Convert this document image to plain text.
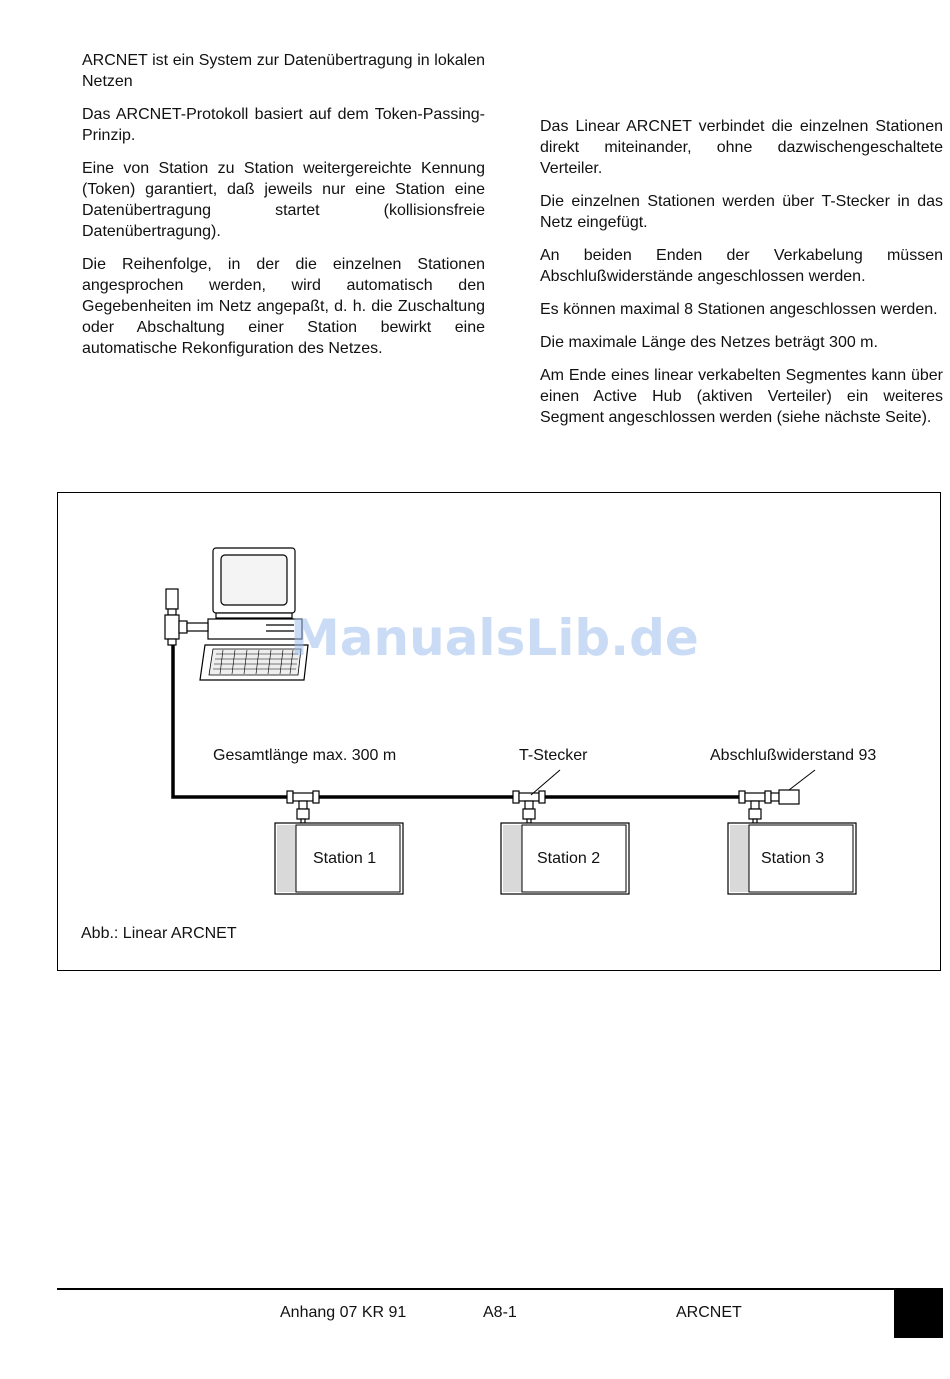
ARCNET ist ein System zur Datenübertragung in lokalen Netzen

Das ARCNET-Protokoll basiert auf dem Token-Passing-Prinzip.

Eine von Station zu Station weitergereichte Kennung (Token) garantiert, daß jeweils nur eine Station eine Datenübertragung startet (kollisionsfreie Datenübertragung).

Die Reihenfolge, in der die einzelnen Stationen angesprochen werden, wird automatisch den Gegebenheiten im Netz angepaßt, d. h. die Zuschaltung oder Abschaltung einer Station bewirkt eine automatische Rekonfiguration des Netzes.

Das Linear ARCNET verbindet die einzelnen Stationen direkt miteinander, ohne dazwischengeschaltete Verteiler.

Die einzelnen Stationen werden über T-Stecker in das Netz eingefügt.

An beiden Enden der Verkabelung müssen Abschlußwiderstände angeschlossen werden.

Es können maximal 8 Stationen angeschlossen werden.

Die maximale Länge des Netzes beträgt 300 m.

Am Ende eines linear verkabelten Segmentes kann über einen Active Hub (aktiven Verteiler) ein weiteres Segment angeschlossen werden (siehe nächste Seite).

Station 1	Station 2	Station 3
Gesamtlänge max. 300 m	T-Stecker	Abschlußwiderstand 93
ManualsLib.de
Abb.: Linear ARCNET
Anhang 07 KR 91	A8-1	ARCNET
